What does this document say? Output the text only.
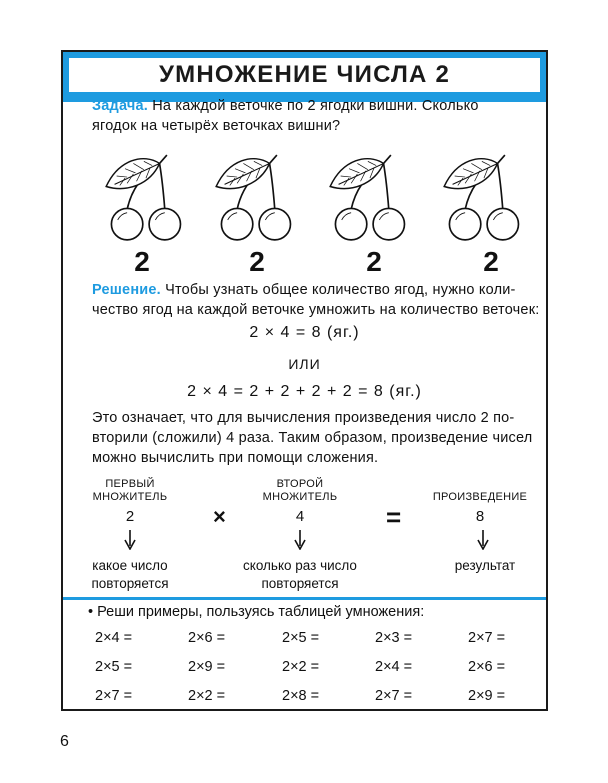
УМНОЖЕНИЕ ЧИСЛА 2
Задача. На каждой веточке по 2 ягодки вишни. Сколько
ягодок на четырёх веточках вишни?
2	2	2	2
Решение. Чтобы узнать общее количество ягод, нужно коли-
чество ягод на каждой веточке умножить на количество веточек:
2 × 4 = 8 (яг.)
ИЛИ
2 × 4 = 2 + 2 + 2 + 2 = 8 (яг.)
Это означает, что для вычисления произведения число 2 по-
вторили (сложили) 4 раза. Таким образом, произведение чисел
можно вычислить при помощи сложения.
ПЕРВЫЙ
МНОЖИТЕЛЬ
2
какое число
повторяется
×
ВТОРОЙ
МНОЖИТЕЛЬ
4
сколько раз число
повторяется
=
ПРОИЗВЕДЕНИЕ
8
результат
• Реши примеры, пользуясь таблицей умножения:
2×4 =	2×6 =	2×5 =	2×3 =	2×7 =
2×5 =	2×9 =	2×2 =	2×4 =	2×6 =
2×7 =	2×2 =	2×8 =	2×7 =	2×9 =
6
